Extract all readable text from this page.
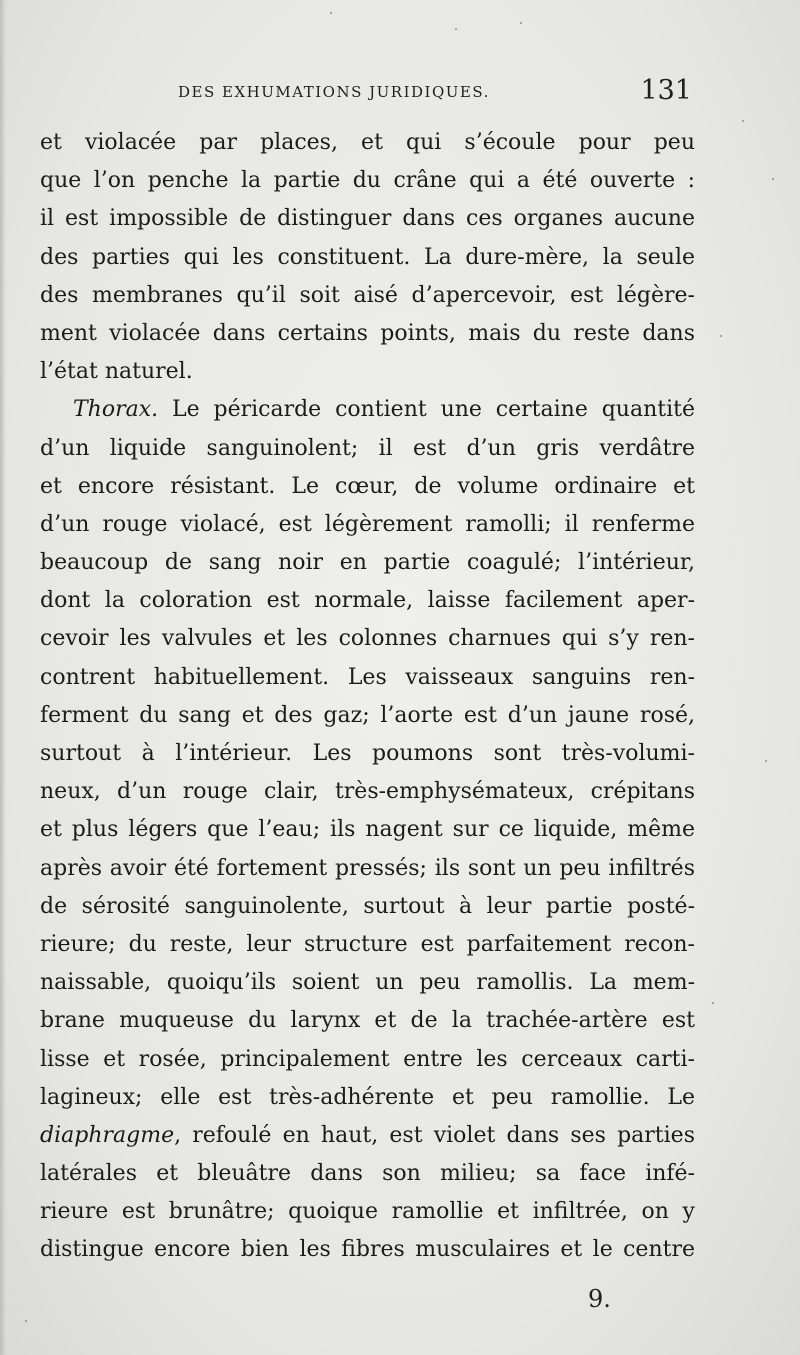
DES EXHUMATIONS JURIDIQUES.	131
et violacée par places, et qui s’écoule pour peu
que l’on penche la partie du crâne qui a été ouverte :
il est impossible de distinguer dans ces organes aucune
des parties qui les constituent. La dure-mère, la seule
des membranes qu’il soit aisé d’apercevoir, est légère-
ment violacée dans certains points, mais du reste dans
l’état naturel.
Thorax. Le péricarde contient une certaine quantité
d’un liquide sanguinolent; il est d’un gris verdâtre
et encore résistant. Le cœur, de volume ordinaire et
d’un rouge violacé, est légèrement ramolli; il renferme
beaucoup de sang noir en partie coagulé; l’intérieur,
dont la coloration est normale, laisse facilement aper-
cevoir les valvules et les colonnes charnues qui s’y ren-
contrent habituellement. Les vaisseaux sanguins ren-
ferment du sang et des gaz; l’aorte est d’un jaune rosé,
surtout à l’intérieur. Les poumons sont très-volumi-
neux, d’un rouge clair, très-emphysémateux, crépitans
et plus légers que l’eau; ils nagent sur ce liquide, même
après avoir été fortement pressés; ils sont un peu infiltrés
de sérosité sanguinolente, surtout à leur partie posté-
rieure; du reste, leur structure est parfaitement recon-
naissable, quoiqu’ils soient un peu ramollis. La mem-
brane muqueuse du larynx et de la trachée-artère est
lisse et rosée, principalement entre les cerceaux carti-
lagineux; elle est très-adhérente et peu ramollie. Le
diaphragme, refoulé en haut, est violet dans ses parties
latérales et bleuâtre dans son milieu; sa face infé-
rieure est brunâtre; quoique ramollie et infiltrée, on y
distingue encore bien les fibres musculaires et le centre
9.
